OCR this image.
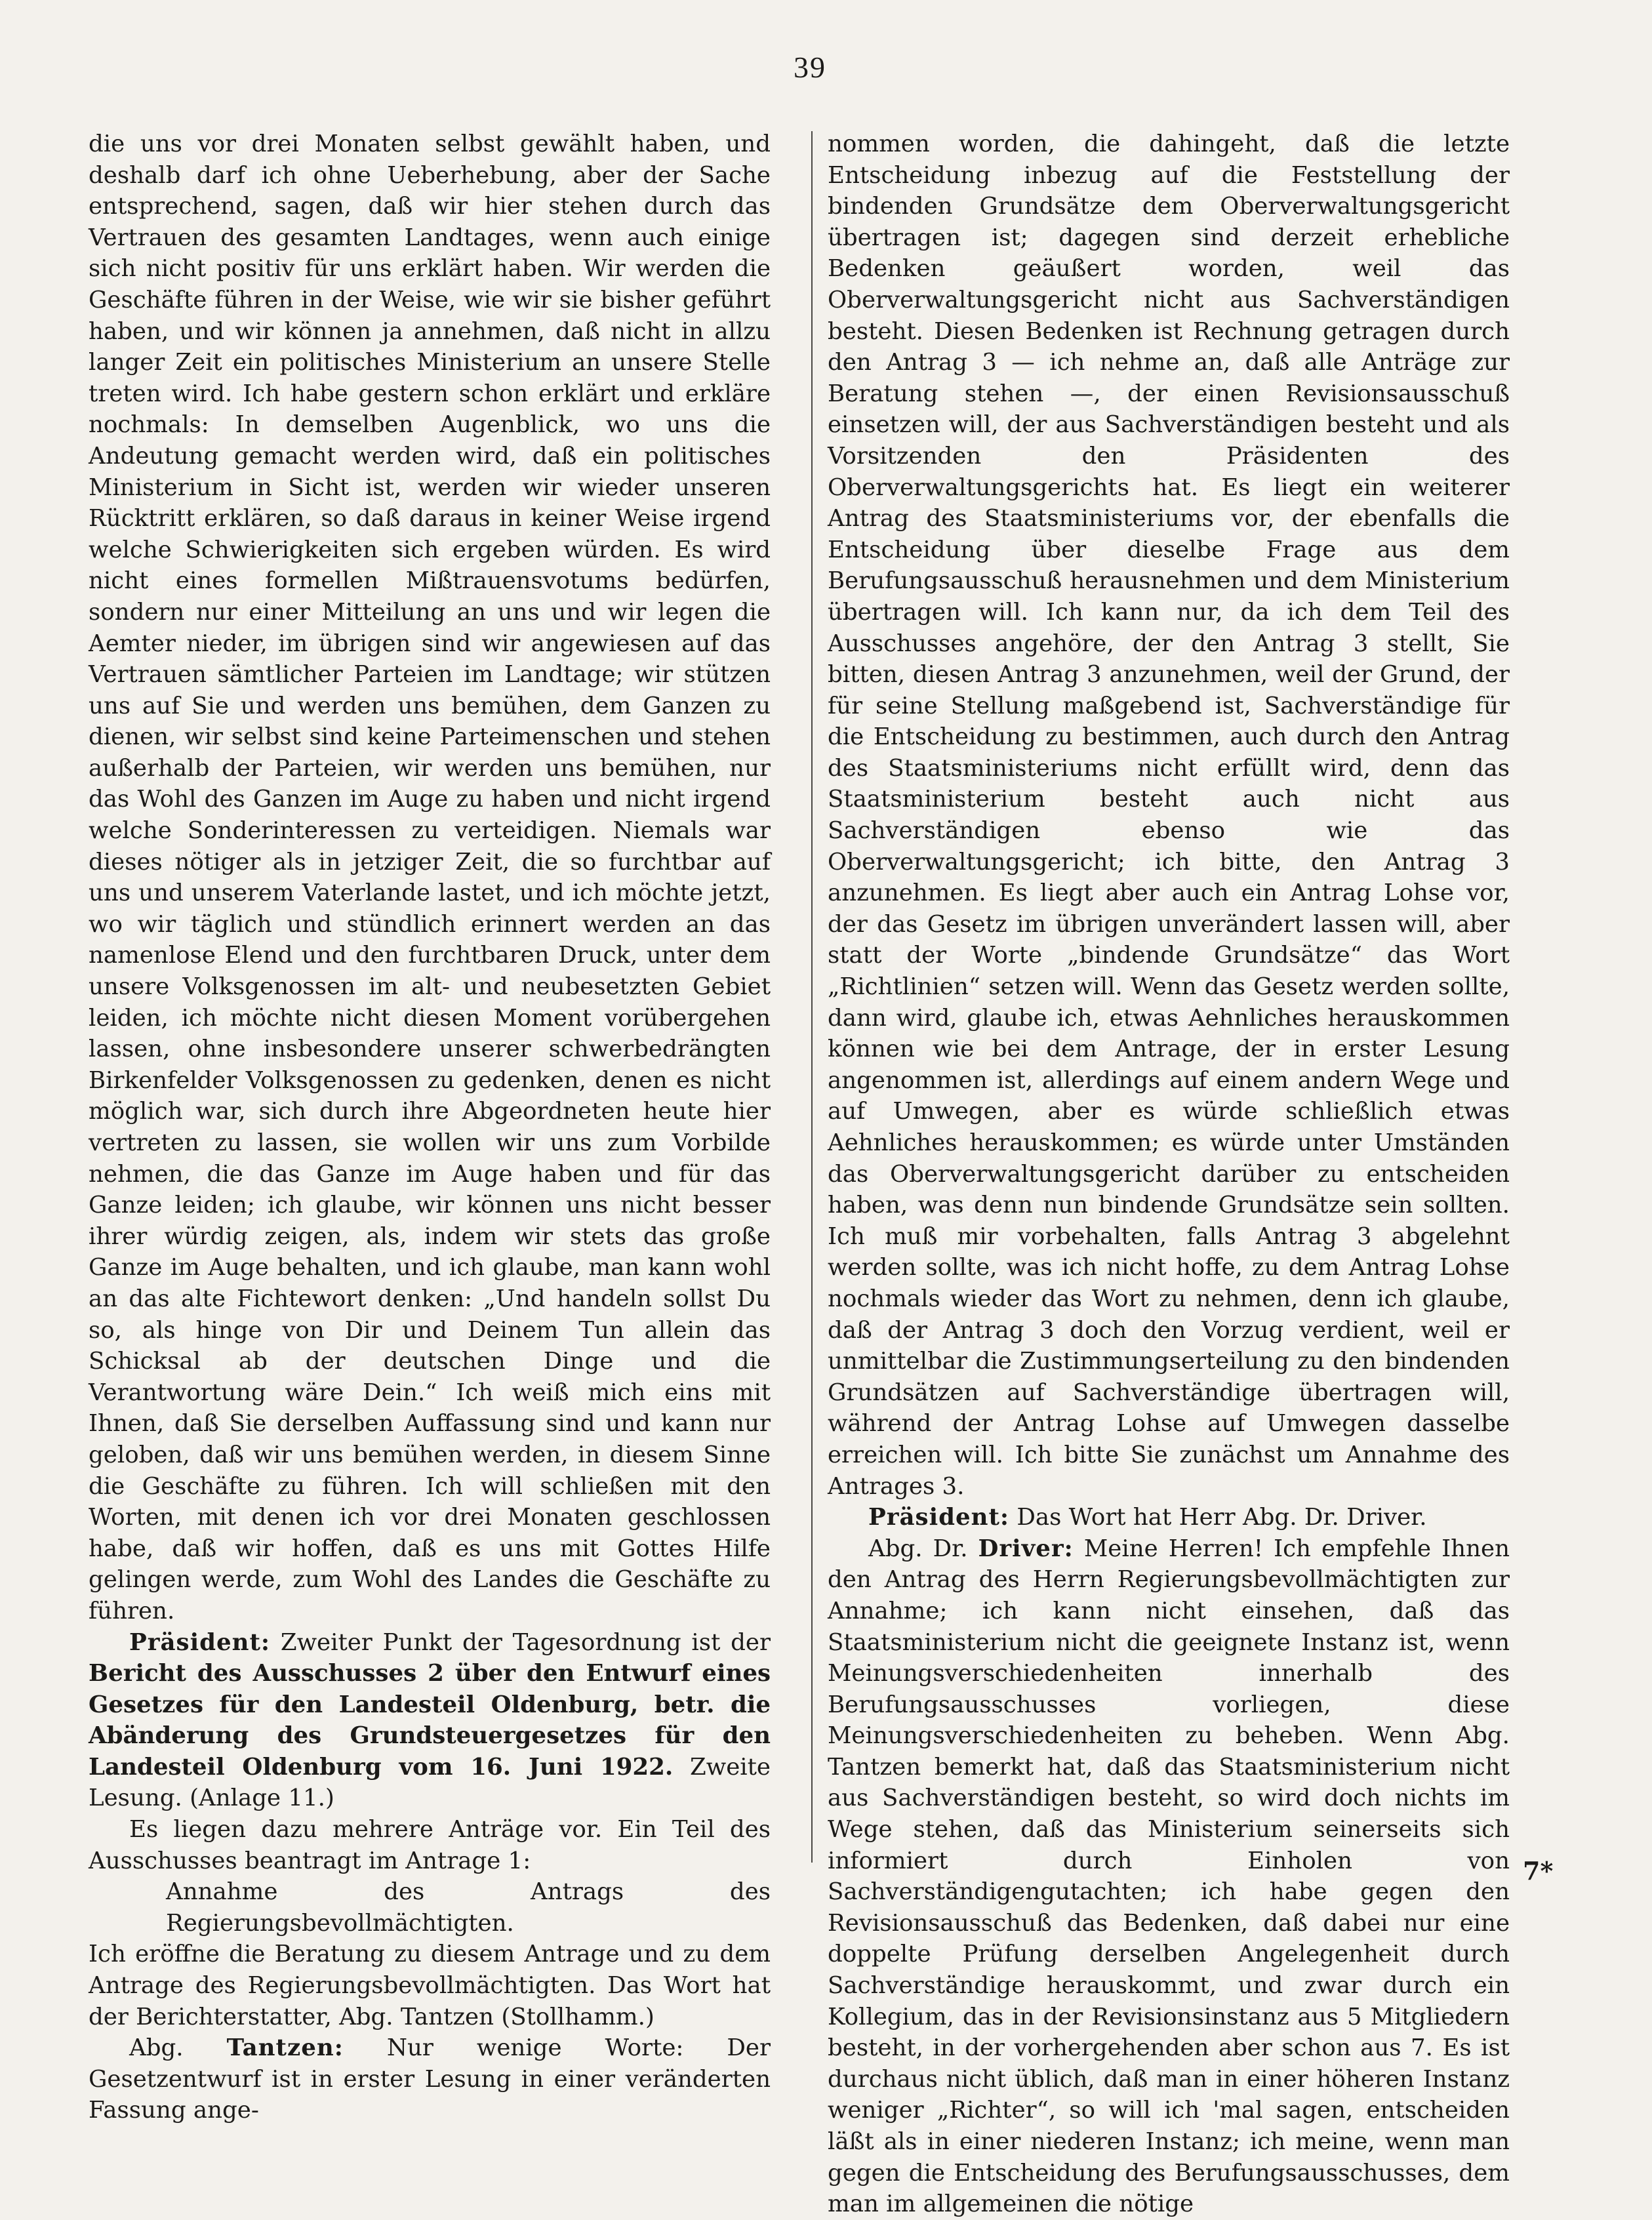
39
die uns vor drei Monaten selbst gewählt haben, und deshalb darf ich ohne Ueberhebung, aber der Sache entsprechend, sagen, daß wir hier stehen durch das Vertrauen des gesamten Landtages, wenn auch einige sich nicht positiv für uns erklärt haben. Wir werden die Geschäfte führen in der Weise, wie wir sie bisher geführt haben, und wir können ja annehmen, daß nicht in allzu langer Zeit ein politisches Ministerium an unsere Stelle treten wird. Ich habe gestern schon erklärt und erkläre nochmals: In demselben Augenblick, wo uns die Andeutung gemacht werden wird, daß ein politisches Ministerium in Sicht ist, werden wir wieder unseren Rücktritt erklären, so daß daraus in keiner Weise irgend welche Schwierigkeiten sich ergeben würden. Es wird nicht eines formellen Mißtrauensvotums bedürfen, sondern nur einer Mitteilung an uns und wir legen die Aemter nieder, im übrigen sind wir angewiesen auf das Vertrauen sämtlicher Parteien im Landtage; wir stützen uns auf Sie und werden uns bemühen, dem Ganzen zu dienen, wir selbst sind keine Parteimenschen und stehen außerhalb der Parteien, wir werden uns bemühen, nur das Wohl des Ganzen im Auge zu haben und nicht irgend welche Sonderinteressen zu verteidigen. Niemals war dieses nötiger als in jetziger Zeit, die so furchtbar auf uns und unserem Vaterlande lastet, und ich möchte jetzt, wo wir täglich und stündlich erinnert werden an das namenlose Elend und den furchtbaren Druck, unter dem unsere Volksgenossen im alt- und neubesetzten Gebiet leiden, ich möchte nicht diesen Moment vorübergehen lassen, ohne insbesondere unserer schwerbedrängten Birkenfelder Volksgenossen zu gedenken, denen es nicht möglich war, sich durch ihre Abgeordneten heute hier vertreten zu lassen, sie wollen wir uns zum Vorbilde nehmen, die das Ganze im Auge haben und für das Ganze leiden; ich glaube, wir können uns nicht besser ihrer würdig zeigen, als, indem wir stets das große Ganze im Auge behalten, und ich glaube, man kann wohl an das alte Fichtewort denken: „Und handeln sollst Du so, als hinge von Dir und Deinem Tun allein das Schicksal ab der deutschen Dinge und die Verantwortung wäre Dein.“ Ich weiß mich eins mit Ihnen, daß Sie derselben Auffassung sind und kann nur geloben, daß wir uns bemühen werden, in diesem Sinne die Geschäfte zu führen. Ich will schließen mit den Worten, mit denen ich vor drei Monaten geschlossen habe, daß wir hoffen, daß es uns mit Gottes Hilfe gelingen werde, zum Wohl des Landes die Geschäfte zu führen.
Präsident: Zweiter Punkt der Tagesordnung ist der Bericht des Ausschusses 2 über den Entwurf eines Gesetzes für den Landesteil Oldenburg, betr. die Abänderung des Grundsteuergesetzes für den Landesteil Oldenburg vom 16. Juni 1922. Zweite Lesung. (Anlage 11.)
Es liegen dazu mehrere Anträge vor. Ein Teil des Ausschusses beantragt im Antrage 1:
Annahme des Antrags des Regierungsbevollmächtigten.
Ich eröffne die Beratung zu diesem Antrage und zu dem Antrage des Regierungsbevollmächtigten. Das Wort hat der Berichterstatter, Abg. Tantzen (Stollhamm.)
Abg. Tantzen: Nur wenige Worte: Der Gesetzentwurf ist in erster Lesung in einer veränderten Fassung ange-
nommen worden, die dahingeht, daß die letzte Entscheidung inbezug auf die Feststellung der bindenden Grundsätze dem Oberverwaltungsgericht übertragen ist; dagegen sind derzeit erhebliche Bedenken geäußert worden, weil das Oberverwaltungsgericht nicht aus Sachverständigen besteht. Diesen Bedenken ist Rechnung getragen durch den Antrag 3 — ich nehme an, daß alle Anträge zur Beratung stehen —, der einen Revisionsausschuß einsetzen will, der aus Sachverständigen besteht und als Vorsitzenden den Präsidenten des Oberverwaltungsgerichts hat. Es liegt ein weiterer Antrag des Staatsministeriums vor, der ebenfalls die Entscheidung über dieselbe Frage aus dem Berufungsausschuß herausnehmen und dem Ministerium übertragen will. Ich kann nur, da ich dem Teil des Ausschusses angehöre, der den Antrag 3 stellt, Sie bitten, diesen Antrag 3 anzunehmen, weil der Grund, der für seine Stellung maßgebend ist, Sachverständige für die Entscheidung zu bestimmen, auch durch den Antrag des Staatsministeriums nicht erfüllt wird, denn das Staatsministerium besteht auch nicht aus Sachverständigen ebenso wie das Oberverwaltungsgericht; ich bitte, den Antrag 3 anzunehmen. Es liegt aber auch ein Antrag Lohse vor, der das Gesetz im übrigen unverändert lassen will, aber statt der Worte „bindende Grundsätze“ das Wort „Richtlinien“ setzen will. Wenn das Gesetz werden sollte, dann wird, glaube ich, etwas Aehnliches herauskommen können wie bei dem Antrage, der in erster Lesung angenommen ist, allerdings auf einem andern Wege und auf Umwegen, aber es würde schließlich etwas Aehnliches herauskommen; es würde unter Umständen das Oberverwaltungsgericht darüber zu entscheiden haben, was denn nun bindende Grundsätze sein sollten. Ich muß mir vorbehalten, falls Antrag 3 abgelehnt werden sollte, was ich nicht hoffe, zu dem Antrag Lohse nochmals wieder das Wort zu nehmen, denn ich glaube, daß der Antrag 3 doch den Vorzug verdient, weil er unmittelbar die Zustimmungserteilung zu den bindenden Grundsätzen auf Sachverständige übertragen will, während der Antrag Lohse auf Umwegen dasselbe erreichen will. Ich bitte Sie zunächst um Annahme des Antrages 3.
Präsident: Das Wort hat Herr Abg. Dr. Driver.
Abg. Dr. Driver: Meine Herren! Ich empfehle Ihnen den Antrag des Herrn Regierungsbevollmächtigten zur Annahme; ich kann nicht einsehen, daß das Staatsministerium nicht die geeignete Instanz ist, wenn Meinungsverschiedenheiten innerhalb des Berufungsausschusses vorliegen, diese Meinungsverschiedenheiten zu beheben. Wenn Abg. Tantzen bemerkt hat, daß das Staatsministerium nicht aus Sachverständigen besteht, so wird doch nichts im Wege stehen, daß das Ministerium seinerseits sich informiert durch Einholen von Sachverständigengutachten; ich habe gegen den Revisionsausschuß das Bedenken, daß dabei nur eine doppelte Prüfung derselben Angelegenheit durch Sachverständige herauskommt, und zwar durch ein Kollegium, das in der Revisionsinstanz aus 5 Mitgliedern besteht, in der vorhergehenden aber schon aus 7. Es ist durchaus nicht üblich, daß man in einer höheren Instanz weniger „Richter“, so will ich 'mal sagen, entscheiden läßt als in einer niederen Instanz; ich meine, wenn man gegen die Entscheidung des Berufungsausschusses, dem man im allgemeinen die nötige
7*
